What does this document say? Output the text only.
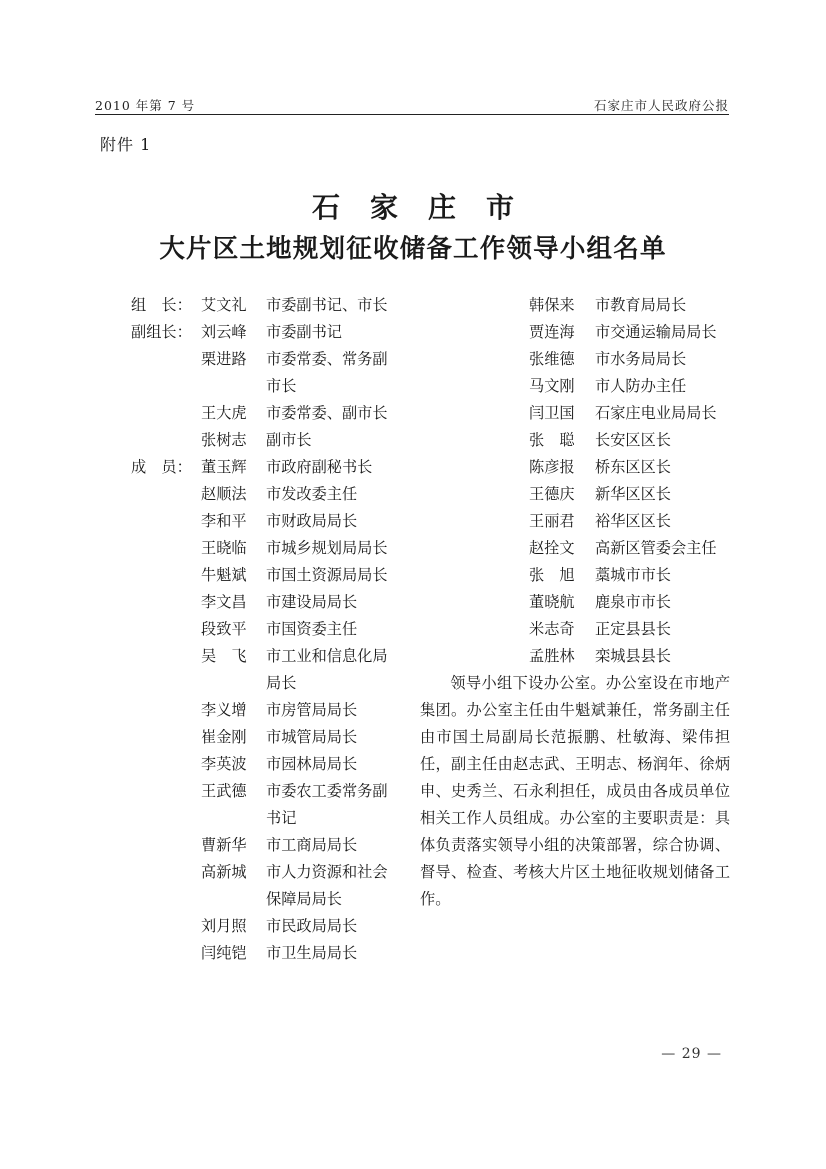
2010 年第 7 号	石家庄市人民政府公报
附件 1
石家庄市
大片区土地规划征收储备工作领导小组名单
组　长： 艾文礼	市委副书记、市长
副组长： 刘云峰	市委副书记
栗进路	市委常委、常务副
市长
王大虎	市委常委、副市长
张树志	副市长
成　员： 董玉辉	市政府副秘书长
赵顺法	市发改委主任
李和平	市财政局局长
王晓临	市城乡规划局局长
牛魁斌	市国土资源局局长
李文昌	市建设局局长
段致平	市国资委主任
吴　飞	市工业和信息化局
局长
李义增	市房管局局长
崔金刚	市城管局局长
李英波	市园林局局长
王武德	市委农工委常务副
书记
曹新华	市工商局局长
高新城	市人力资源和社会
保障局局长
刘月照	市民政局局长
闫纯铠	市卫生局局长
韩保来	市教育局局长
贾连海	市交通运输局局长
张维德	市水务局局长
马文刚	市人防办主任
闫卫国	石家庄电业局局长
张　聪	长安区区长
陈彦报	桥东区区长
王德庆	新华区区长
王丽君	裕华区区长
赵拴文	高新区管委会主任
张　旭	藁城市市长
董晓航	鹿泉市市长
米志奇	正定县县长
孟胜林	栾城县县长
领导小组下设办公室。办公室设在市地产集团。办公室主任由牛魁斌兼任，常务副主任由市国土局副局长范振鹏、杜敏海、梁伟担任，副主任由赵志武、王明志、杨润年、徐炳申、史秀兰、石永利担任，成员由各成员单位相关工作人员组成。办公室的主要职责是：具体负责落实领导小组的决策部署，综合协调、督导、检查、考核大片区土地征收规划储备工作。
— 29 —
